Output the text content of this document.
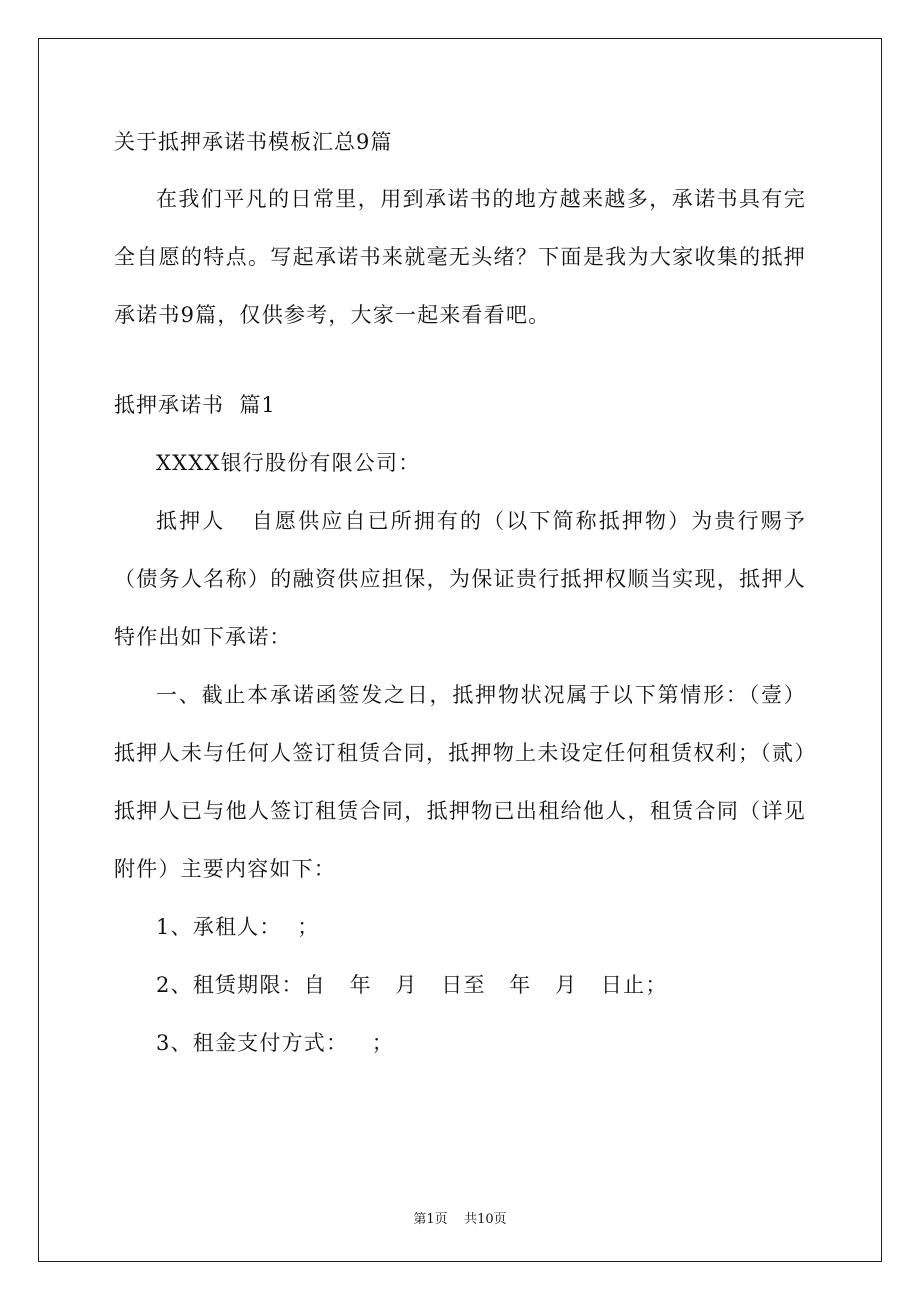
关于抵押承诺书模板汇总9篇

在我们平凡的日常里，用到承诺书的地方越来越多，承诺书具有完全自愿的特点。写起承诺书来就毫无头绪？下面是我为大家收集的抵押承诺书9篇，仅供参考，大家一起来看看吧。

抵押承诺书  篇1

XXXX银行股份有限公司：

抵押人   自愿供应自已所拥有的（以下简称抵押物）为贵行赐予（债务人名称）的融资供应担保，为保证贵行抵押权顺当实现，抵押人特作出如下承诺：

一、截止本承诺函签发之日，抵押物状况属于以下第情形：（壹）抵押人未与任何人签订租赁合同，抵押物上未设定任何租赁权利；（贰）抵押人已与他人签订租赁合同，抵押物已出租给他人，租赁合同（详见附件）主要内容如下：

1、承租人：  ；

2、租赁期限：自   年   月   日至   年   月   日止；

3、租金支付方式：   ；

第1页    共10页
